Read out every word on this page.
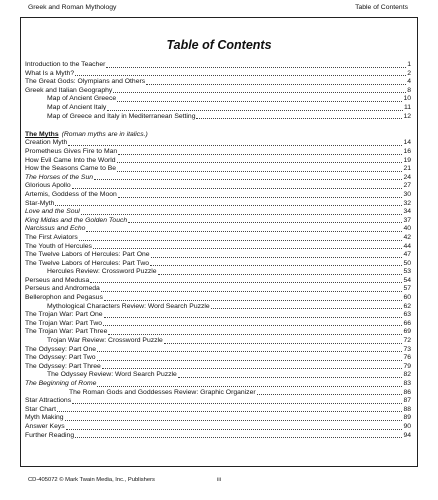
Greek and Roman Mythology	Table of Contents
Table of Contents
Introduction to the Teacher	1
What Is a Myth?	2
The Great Gods: Olympians and Others	4
Greek and Italian Geography	8
Map of Ancient Greece	10
Map of Ancient Italy	11
Map of Greece and Italy in Mediterranean Setting	12
The Myths (Roman myths are in italics.)
Creation Myth	14
Prometheus Gives Fire to Man	16
How Evil Came Into the World	19
How the Seasons Came to Be	21
The Horses of the Sun	24
Glorious Apollo	27
Artemis, Goddess of the Moon	30
Star-Myth	32
Love and the Soul	34
King Midas and the Golden Touch	37
Narcissus and Echo	40
The First Aviators	42
The Youth of Hercules	44
The Twelve Labors of Hercules: Part One	47
The Twelve Labors of Hercules: Part Two	50
Hercules Review: Crossword Puzzle	53
Perseus and Medusa	54
Perseus and Andromeda	57
Bellerophon and Pegasus	60
Mythological Characters Review: Word Search Puzzle	62
The Trojan War: Part One	63
The Trojan War: Part Two	66
The Trojan War: Part Three	69
Trojan War Review: Crossword Puzzle	72
The Odyssey: Part One	73
The Odyssey: Part Two	76
The Odyssey: Part Three	79
The Odyssey Review: Word Search Puzzle	82
The Beginning of Rome	83
The Roman Gods and Goddesses Review: Graphic Organizer	86
Star Attractions	87
Star Chart	88
Myth Making	89
Answer Keys	90
Further Reading	94
CD-405072 © Mark Twain Media, Inc., Publishers	iii
